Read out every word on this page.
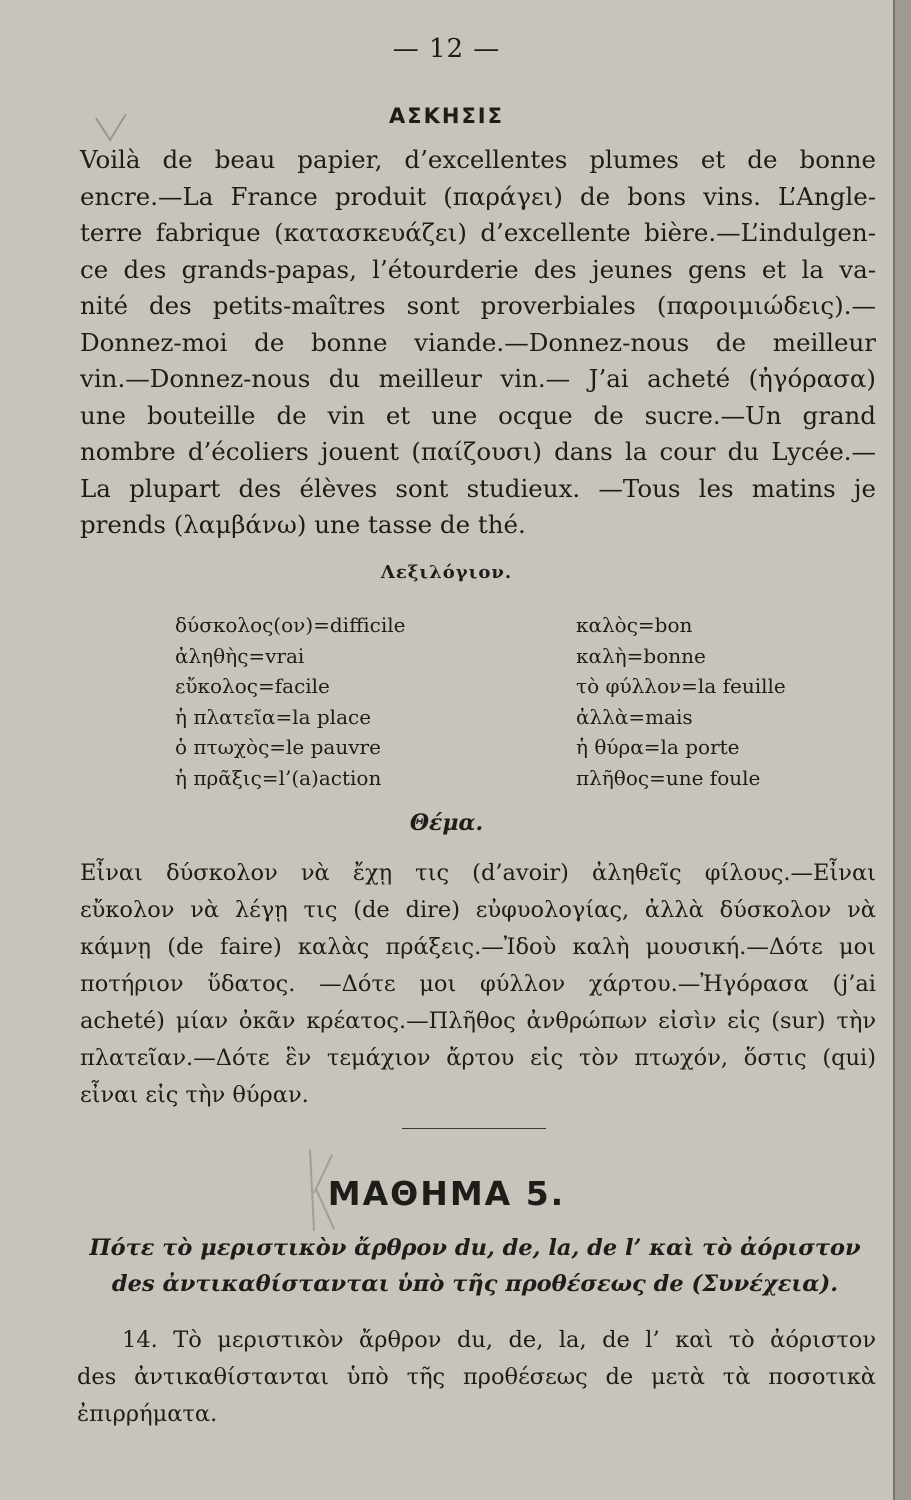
— 12 —
ΑΣΚΗΣΙΣ
Voilà de beau papier, d’excellentes plumes et de bonne
encre.—La France produit (παράγει) de bons vins. L’Angle-
terre fabrique (κατασκευάζει) d’excellente bière.—L’indulgen-
ce des grands-papas, l’étourderie des jeunes gens et la va-
nité des petits-maîtres sont proverbiales (παροιμιώδεις).—
Donnez-moi de bonne viande.—Donnez-nous de meilleur
vin.—Donnez-nous du meilleur vin.— J’ai acheté (ἠγόρασα)
une bouteille de vin et une ocque de sucre.—Un grand
nombre d’écoliers jouent (παίζουσι) dans la cour du Lycée.—
La plupart des élèves sont studieux. —Tous les matins je
prends (λαμβάνω) une tasse de thé.
Λεξιλόγιον.
δύσκολος(ον)=difficile
ἀληθὴς=vrai
εὔκολος=facile
ἡ πλατεῖα=la place
ὁ πτωχὸς=le pauvre
ἡ πρᾶξις=l’(a)action
καλὸς=bon
καλὴ=bonne
τὸ φύλλον=la feuille
ἀλλὰ=mais
ἡ θύρα=la porte
πλῆθος=une foule
Θέμα.
Εἶναι δύσκολον νὰ ἔχῃ τις (d’avoir) ἀληθεῖς φίλους.—Εἶναι
εὔκολον νὰ λέγῃ τις (de dire) εὐφυολογίας, ἀλλὰ δύσκολον νὰ
κάμνῃ (de faire) καλὰς πράξεις.—Ἰδοὺ καλὴ μουσική.—Δότε μοι
ποτήριον ὕδατος. —Δότε μοι φύλλον χάρτου.—Ἠγόρασα (j’ai
acheté) μίαν ὀκᾶν κρέατος.—Πλῆθος ἀνθρώπων εἰσὶν εἰς (sur) τὴν
πλατεῖαν.—Δότε ἓν τεμάχιον ἄρτου εἰς τὸν πτωχόν, ὅστις (qui)
εἶναι εἰς τὴν θύραν.
ΜΑΘΗΜΑ 5.
Πότε τὸ μεριστικὸν ἄρθρον du, de, la, de l’ καὶ τὸ ἀόριστον
des ἀντικαθίστανται ὑπὸ τῆς προθέσεως de (Συνέχεια).
14. Τὸ μεριστικὸν ἄρθρον du, de, la, de l’ καὶ τὸ ἀόριστον
des ἀντικαθίστανται ὑπὸ τῆς προθέσεως de μετὰ τὰ ποσοτικὰ
ἐπιρρήματα.
